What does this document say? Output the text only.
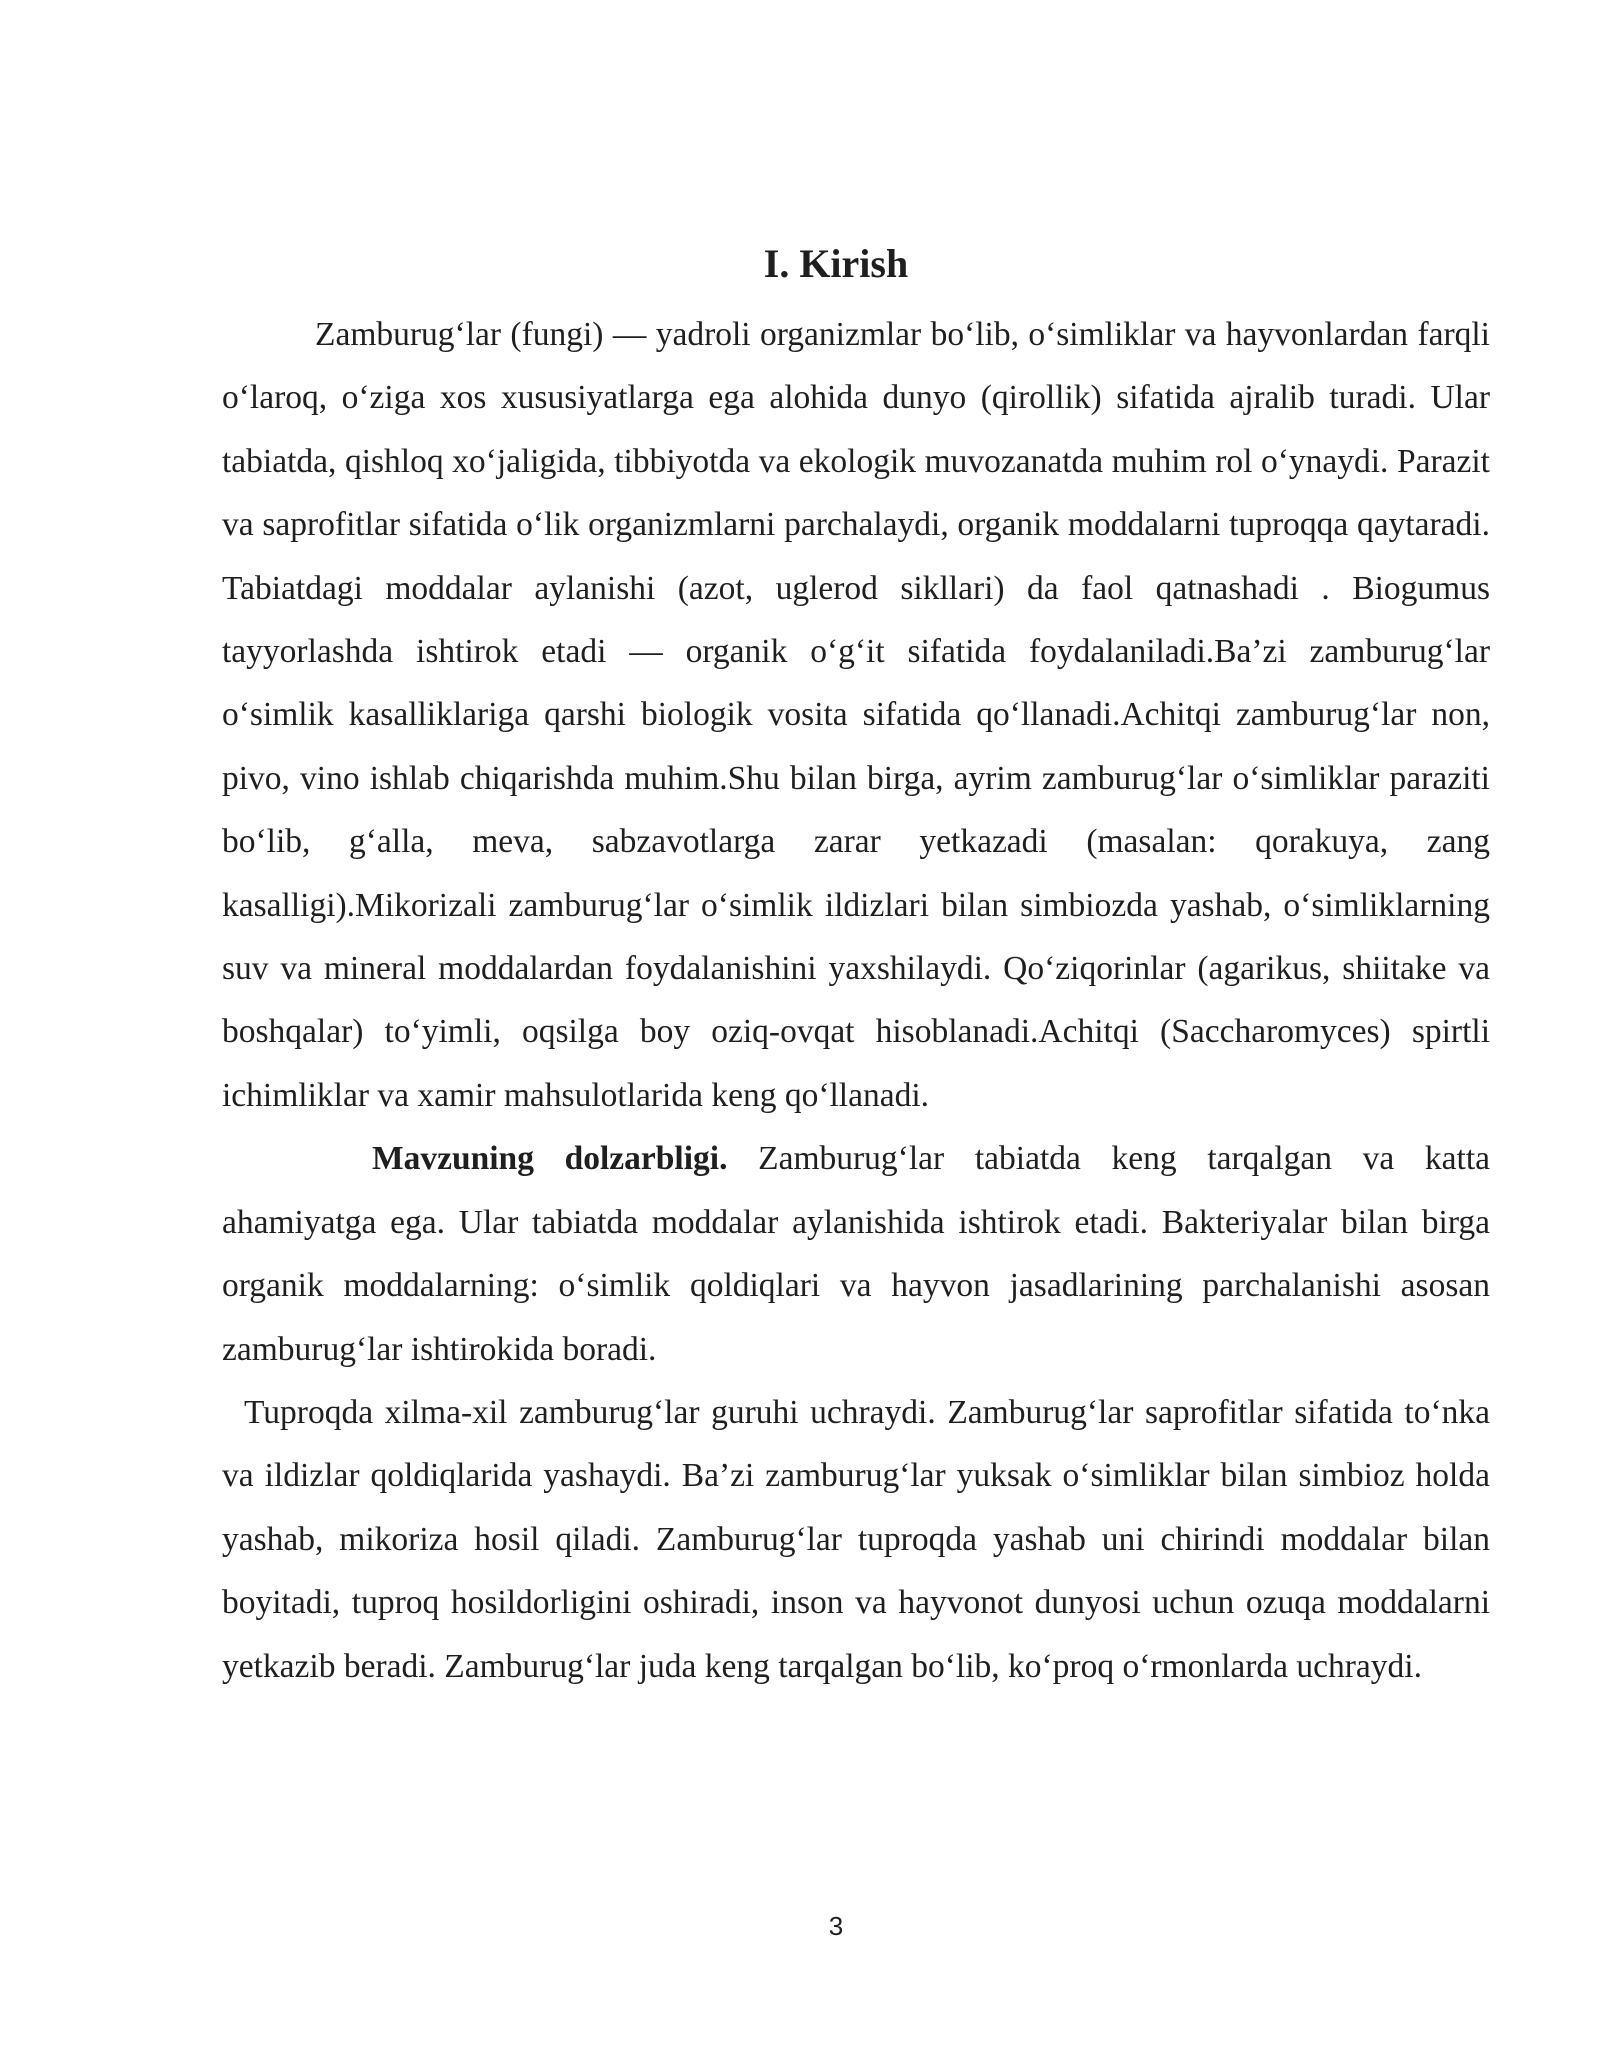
I. Kirish

Zamburug‘lar (fungi) — yadroli organizmlar bo‘lib, o‘simliklar va hayvonlardan farqli o‘laroq, o‘ziga xos xususiyatlarga ega alohida dunyo (qirollik) sifatida ajralib turadi. Ular tabiatda, qishloq xo‘jaligida, tibbiyotda va ekologik muvozanatda muhim rol o‘ynaydi. Parazit va saprofitlar sifatida o‘lik organizmlarni parchalaydi, organik moddalarni tuproqqa qaytaradi. Tabiatdagi moddalar aylanishi (azot, uglerod sikllari) da faol qatnashadi . Biogumus tayyorlashda ishtirok etadi — organik o‘g‘it sifatida foydalaniladi.Ba’zi zamburug‘lar o‘simlik kasalliklariga qarshi biologik vosita sifatida qo‘llanadi.Achitqi zamburug‘lar non, pivo, vino ishlab chiqarishda muhim.Shu bilan birga, ayrim zamburug‘lar o‘simliklar paraziti bo‘lib, g‘alla, meva, sabzavotlarga zarar yetkazadi (masalan: qorakuya, zang kasalligi).Mikorizali zamburug‘lar o‘simlik ildizlari bilan simbiozda yashab, o‘simliklarning suv va mineral moddalardan foydalanishini yaxshilaydi. Qo‘ziqorinlar (agarikus, shiitake va boshqalar) to‘yimli, oqsilga boy oziq-ovqat hisoblanadi.Achitqi (Saccharomyces) spirtli ichimliklar va xamir mahsulotlarida keng qo‘llanadi.

Mavzuning dolzarbligi. Zamburug‘lar tabiatda keng tarqalgan va katta ahamiyatga ega. Ular tabiatda moddalar aylanishida ishtirok etadi. Bakteriyalar bilan birga organik moddalarning: o‘simlik qoldiqlari va hayvon jasadlarining parchalanishi asosan zamburug‘lar ishtirokida boradi.

Tuproqda xilma-xil zamburug‘lar guruhi uchraydi. Zamburug‘lar saprofitlar sifatida to‘nka va ildizlar qoldiqlarida yashaydi. Ba’zi zamburug‘lar yuksak o‘simliklar bilan simbioz holda yashab, mikoriza hosil qiladi. Zamburug‘lar tuproqda yashab uni chirindi moddalar bilan boyitadi, tuproq hosildorligini oshiradi, inson va hayvonot dunyosi uchun ozuqa moddalarni yetkazib beradi. Zamburug‘lar juda keng tarqalgan bo‘lib, ko‘proq o‘rmonlarda uchraydi.

3
